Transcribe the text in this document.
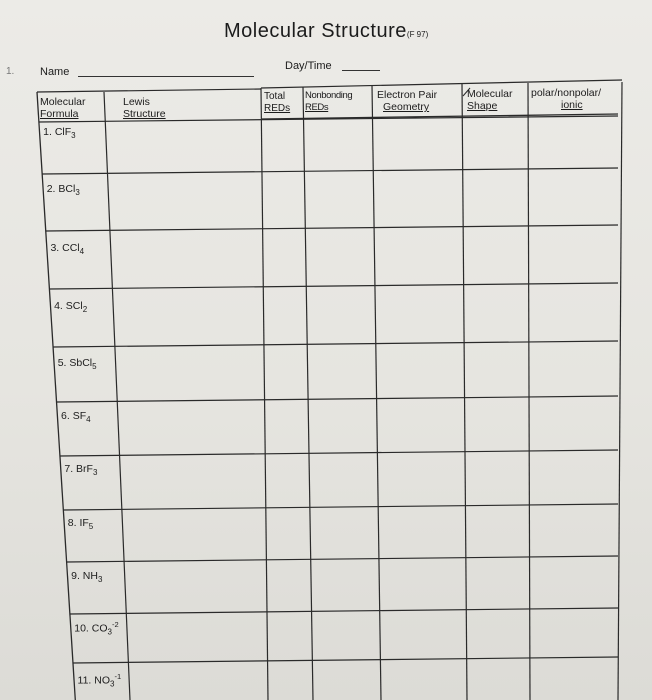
Molecular Structure(F 97)
1. Name	Day/Time
Molecular
Formula
Lewis
Structure
Total
REDs
Nonbonding
REDs
Electron Pair
Geometry
Molecular
Shape
polar/nonpolar/
ionic
1. ClF$_3$
2. BCl$_3$
3. CCl$_4$
4. SCl$_2$
5. SbCl$_5$
6. $SF_4$
7. BrF$_3$
8. $IF_5$
9. $NH_3$
10. $CO_3^{-2}$
11. $NO_3^{-1}$
